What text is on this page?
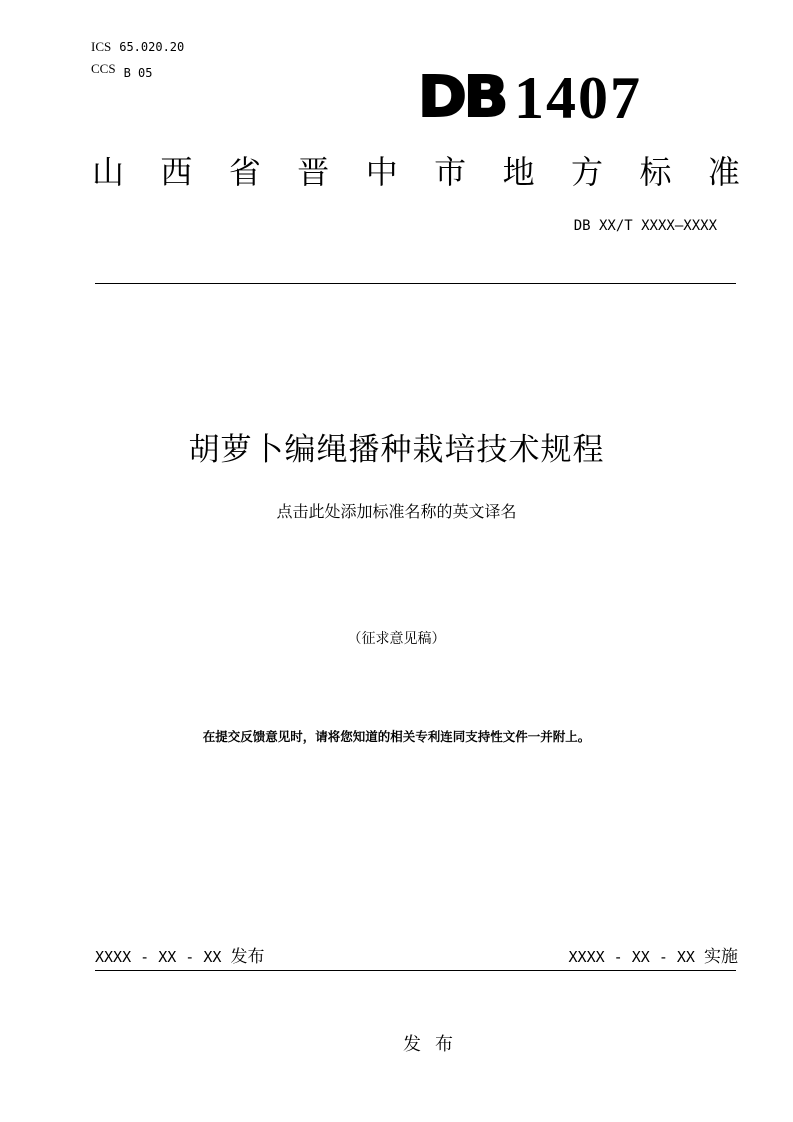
ICS 65.020.20
CCS B 05	DB 1407
山 西 省 晋 中 市 地 方 标 准
DB XX/T XXXX—XXXX
胡萝卜编绳播种栽培技术规程
点击此处添加标准名称的英文译名
（征求意见稿）
在提交反馈意见时，请将您知道的相关专利连同支持性文件一并附上。
XXXX - XX - XX 发布	XXXX - XX - XX 实施
发布
